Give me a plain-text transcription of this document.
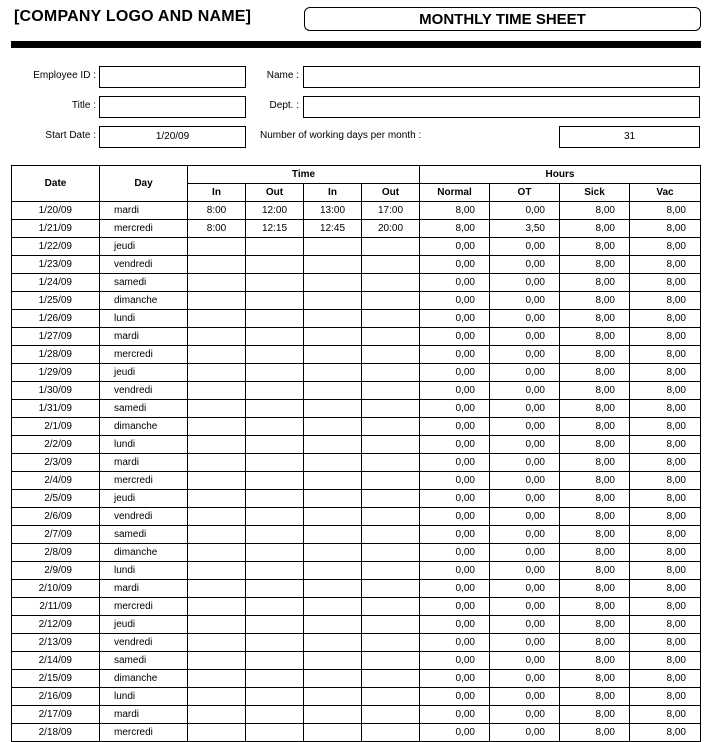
[COMPANY LOGO AND NAME]	MONTHLY TIME SHEET
Employee ID :	Name :
Title :	Dept. :
Start Date :	1/20/09	Number of working days per month :	31
Date	Day	Time				Hours			
		In	Out	In	Out	Normal	OT	Sick	Vac
1/20/09	mardi	8:00	12:00	13:00	17:00	8,00	0,00	8,00	8,00
1/21/09	mercredi	8:00	12:15	12:45	20:00	8,00	3,50	8,00	8,00
1/22/09	jeudi					0,00	0,00	8,00	8,00
1/23/09	vendredi					0,00	0,00	8,00	8,00
1/24/09	samedi					0,00	0,00	8,00	8,00
1/25/09	dimanche					0,00	0,00	8,00	8,00
1/26/09	lundi					0,00	0,00	8,00	8,00
1/27/09	mardi					0,00	0,00	8,00	8,00
1/28/09	mercredi					0,00	0,00	8,00	8,00
1/29/09	jeudi					0,00	0,00	8,00	8,00
1/30/09	vendredi					0,00	0,00	8,00	8,00
1/31/09	samedi					0,00	0,00	8,00	8,00
2/1/09	dimanche					0,00	0,00	8,00	8,00
2/2/09	lundi					0,00	0,00	8,00	8,00
2/3/09	mardi					0,00	0,00	8,00	8,00
2/4/09	mercredi					0,00	0,00	8,00	8,00
2/5/09	jeudi					0,00	0,00	8,00	8,00
2/6/09	vendredi					0,00	0,00	8,00	8,00
2/7/09	samedi					0,00	0,00	8,00	8,00
2/8/09	dimanche					0,00	0,00	8,00	8,00
2/9/09	lundi					0,00	0,00	8,00	8,00
2/10/09	mardi					0,00	0,00	8,00	8,00
2/11/09	mercredi					0,00	0,00	8,00	8,00
2/12/09	jeudi					0,00	0,00	8,00	8,00
2/13/09	vendredi					0,00	0,00	8,00	8,00
2/14/09	samedi					0,00	0,00	8,00	8,00
2/15/09	dimanche					0,00	0,00	8,00	8,00
2/16/09	lundi					0,00	0,00	8,00	8,00
2/17/09	mardi					0,00	0,00	8,00	8,00
2/18/09	mercredi					0,00	0,00	8,00	8,00
